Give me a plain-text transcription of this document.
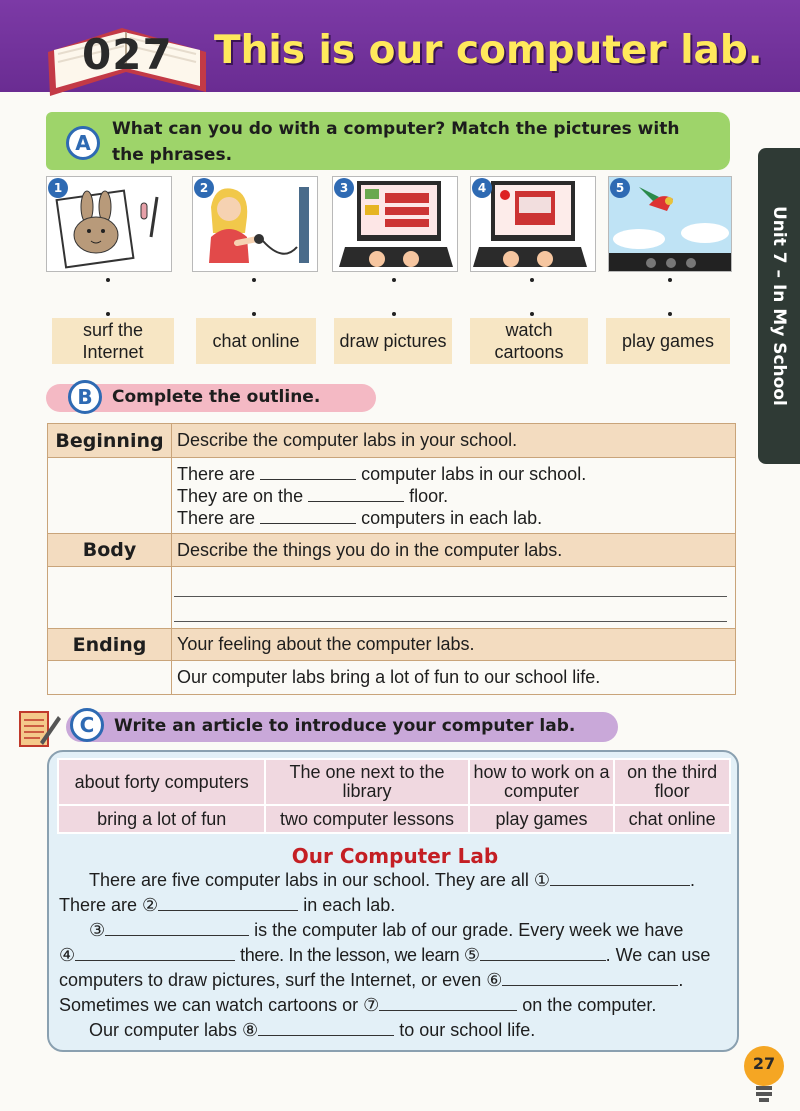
027 This is our computer lab.
Unit 7 – In My School
A
What can you do with a computer? Match the pictures with the phrases.
1	2	3	4	5
surf the Internet
chat online	draw pictures
watch cartoons
play games
B	Complete the outline.
Beginning	Describe the computer labs in your school.

	There are computer labs in our school.
They are on the floor.
There are computers in each lab.

Body	Describe the things you do in the computer labs.

Ending	Your feeling about the computer labs.
	Our computer labs bring a lot of fun to our school life.
C	Write an article to introduce your computer lab.
about forty computers	The one next to the library	how to work on a computer	on the third floor
bring a lot of fun	two computer lessons	play games	chat online
Our Computer Lab
There are five computer labs in our school. They are all ①	.
There are ②	in each lab.
③	is the computer lab of our grade. Every week we have
④	there. In the lesson, we learn ⑤	. We can use
computers to draw pictures, surf the Internet, or even ⑥	.
Sometimes we can watch cartoons or ⑦	on the computer.
Our computer labs ⑧	to our school life.
27
